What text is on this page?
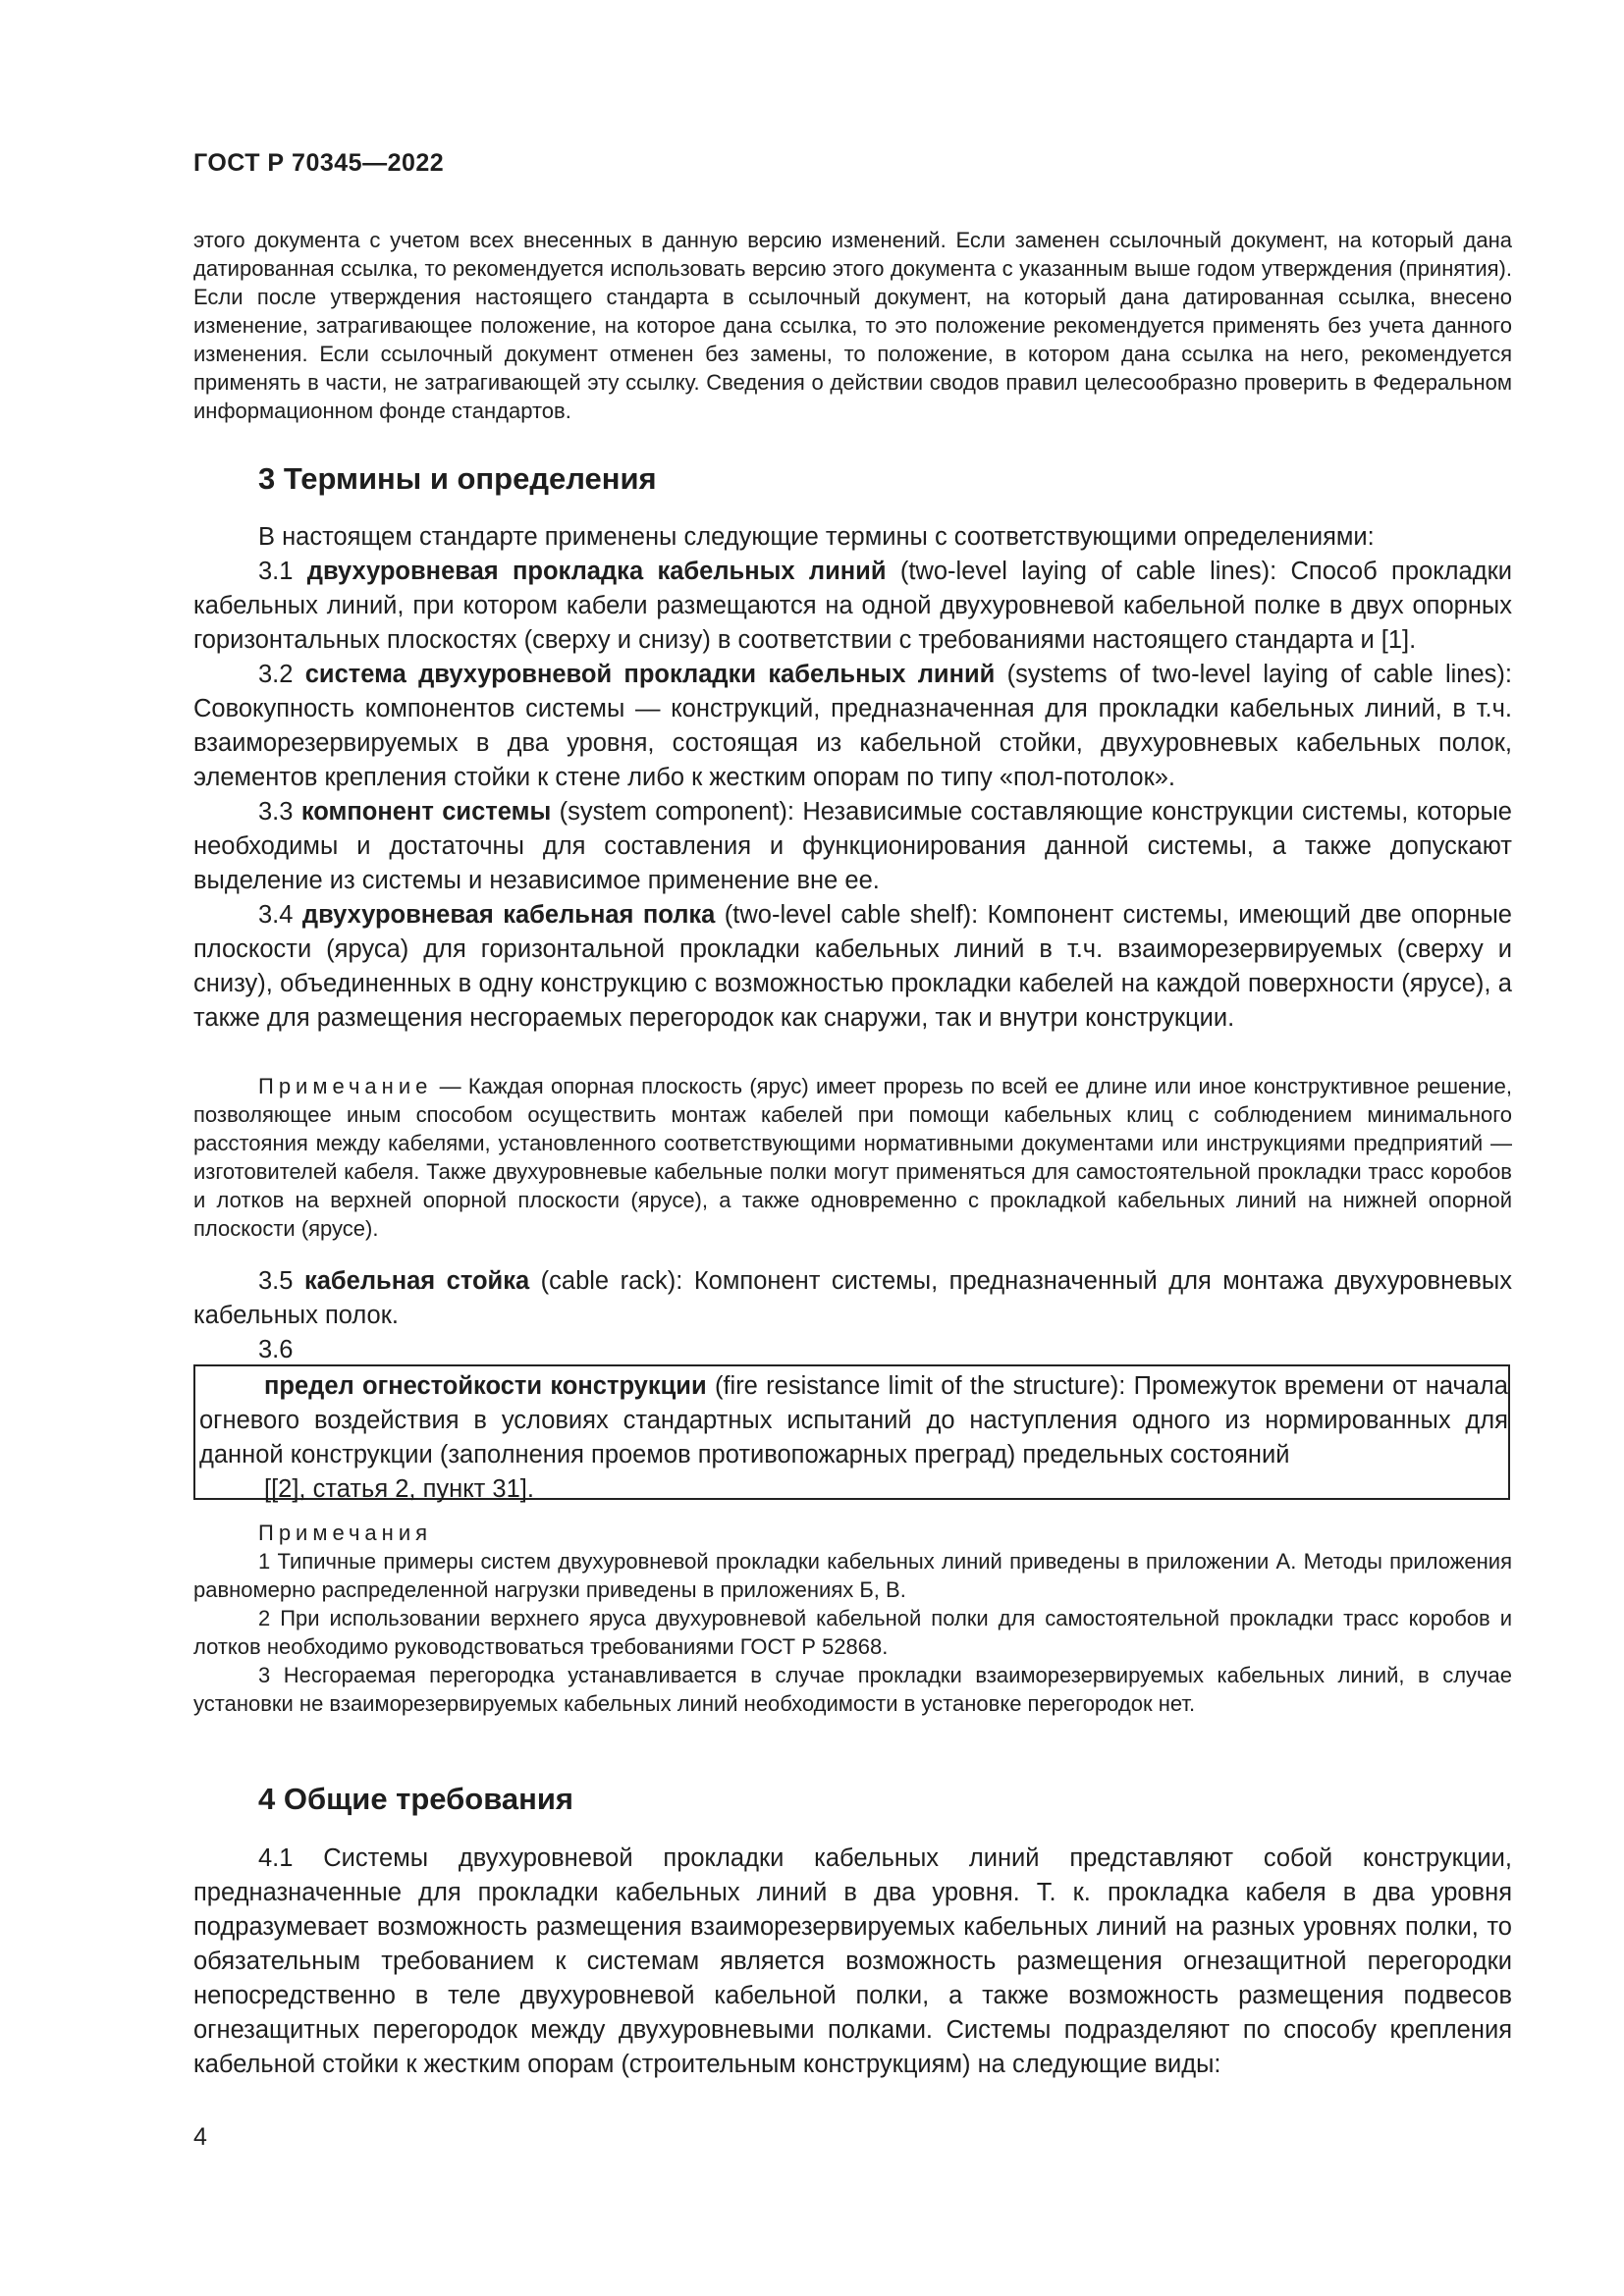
ГОСТ Р 70345—2022

этого документа с учетом всех внесенных в данную версию изменений. Если заменен ссылочный документ, на который дана датированная ссылка, то рекомендуется использовать версию этого документа с указанным выше годом утверждения (принятия). Если после утверждения настоящего стандарта в ссылочный документ, на который дана датированная ссылка, внесено изменение, затрагивающее положение, на которое дана ссылка, то это положение рекомендуется применять без учета данного изменения. Если ссылочный документ отменен без замены, то положение, в котором дана ссылка на него, рекомендуется применять в части, не затрагивающей эту ссылку. Сведения о действии сводов правил целесообразно проверить в Федеральном информационном фонде стандартов.

3 Термины и определения

В настоящем стандарте применены следующие термины с соответствующими определениями:

3.1 двухуровневая прокладка кабельных линий (two-level laying of cable lines): Способ прокладки кабельных линий, при котором кабели размещаются на одной двухуровневой кабельной полке в двух опорных горизонтальных плоскостях (сверху и снизу) в соответствии с требованиями настоящего стандарта и [1].

3.2 система двухуровневой прокладки кабельных линий (systems of two-level laying of cable lines): Совокупность компонентов системы — конструкций, предназначенная для прокладки кабельных линий, в т.ч. взаиморезервируемых в два уровня, состоящая из кабельной стойки, двухуровневых кабельных полок, элементов крепления стойки к стене либо к жестким опорам по типу «пол-потолок».

3.3 компонент системы (system component): Независимые составляющие конструкции системы, которые необходимы и достаточны для составления и функционирования данной системы, а также допускают выделение из системы и независимое применение вне ее.

3.4 двухуровневая кабельная полка (two-level cable shelf): Компонент системы, имеющий две опорные плоскости (яруса) для горизонтальной прокладки кабельных линий в т.ч. взаиморезервируемых (сверху и снизу), объединенных в одну конструкцию с возможностью прокладки кабелей на каждой поверхности (ярусе), а также для размещения несгораемых перегородок как снаружи, так и внутри конструкции.

Примечание — Каждая опорная плоскость (ярус) имеет прорезь по всей ее длине или иное конструктивное решение, позволяющее иным способом осуществить монтаж кабелей при помощи кабельных клиц с соблюдением минимального расстояния между кабелями, установленного соответствующими нормативными документами или инструкциями предприятий — изготовителей кабеля. Также двухуровневые кабельные полки могут применяться для самостоятельной прокладки трасс коробов и лотков на верхней опорной плоскости (ярусе), а также одновременно с прокладкой кабельных линий на нижней опорной плоскости (ярусе).

3.5 кабельная стойка (cable rack): Компонент системы, предназначенный для монтажа двухуровневых кабельных полок.

3.6

предел огнестойкости конструкции (fire resistance limit of the structure): Промежуток времени от начала огневого воздействия в условиях стандартных испытаний до наступления одного из нормированных для данной конструкции (заполнения проемов противопожарных преград) предельных состояний

[[2], статья 2, пункт 31].

Примечания

1 Типичные примеры систем двухуровневой прокладки кабельных линий приведены в приложении А. Методы приложения равномерно распределенной нагрузки приведены в приложениях Б, В.

2 При использовании верхнего яруса двухуровневой кабельной полки для самостоятельной прокладки трасс коробов и лотков необходимо руководствоваться требованиями ГОСТ Р 52868.

3 Несгораемая перегородка устанавливается в случае прокладки взаиморезервируемых кабельных линий, в случае установки не взаиморезервируемых кабельных линий необходимости в установке перегородок нет.

4 Общие требования

4.1 Системы двухуровневой прокладки кабельных линий представляют собой конструкции, предназначенные для прокладки кабельных линий в два уровня. Т. к. прокладка кабеля в два уровня подразумевает возможность размещения взаиморезервируемых кабельных линий на разных уровнях полки, то обязательным требованием к системам является возможность размещения огнезащитной перегородки непосредственно в теле двухуровневой кабельной полки, а также возможность размещения подвесов огнезащитных перегородок между двухуровневыми полками. Системы подразделяют по способу крепления кабельной стойки к жестким опорам (строительным конструкциям) на следующие виды:

4
